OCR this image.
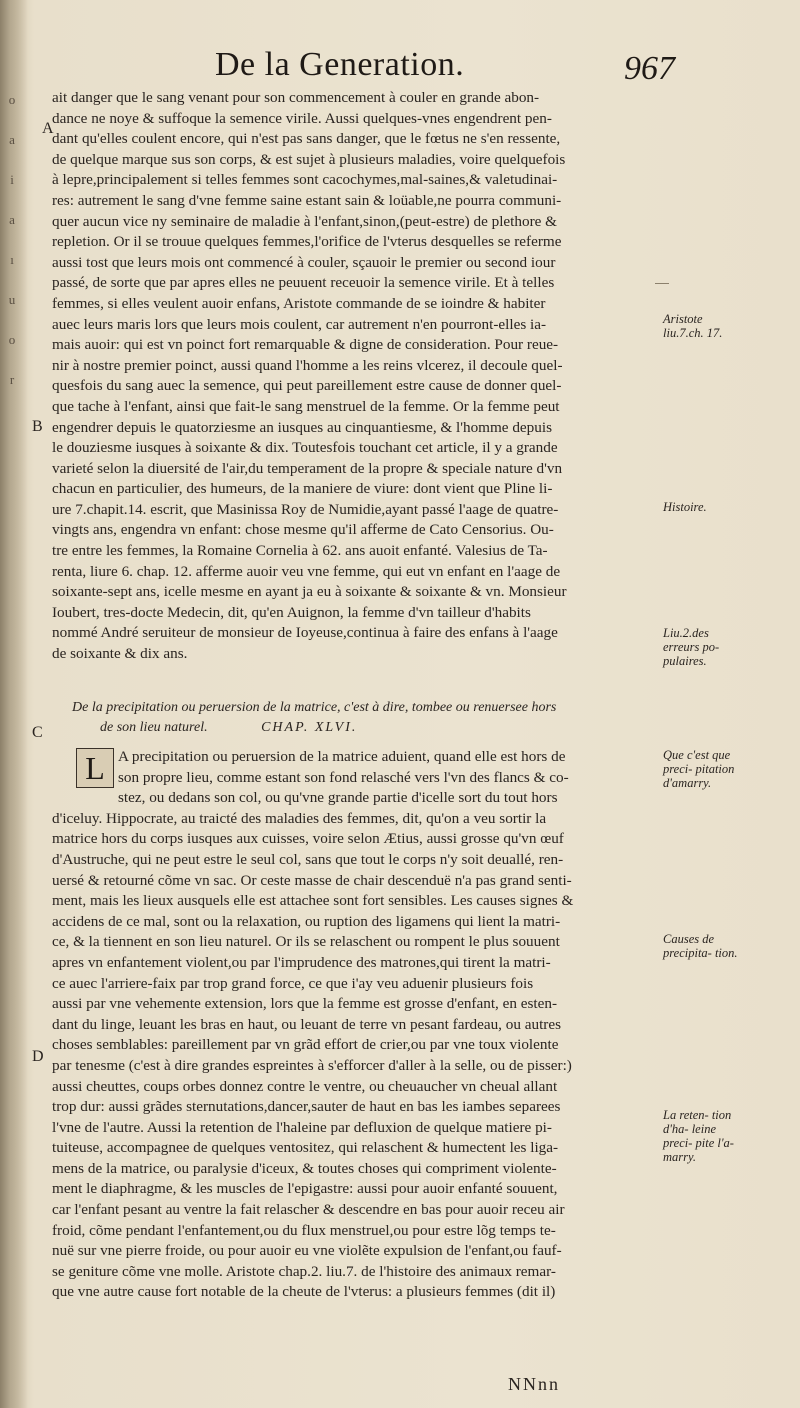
o
a
i
a
ı
u
o
r
De la Generation.	967
A
B
C
D
ait danger que le sang venant pour son commencement à couler en grande abon-
dance ne noye & suffoque la semence virile. Aussi quelques-vnes engendrent pen-
dant qu'elles coulent encore, qui n'est pas sans danger, que le fœtus ne s'en ressente,
de quelque marque sus son corps, & est sujet à plusieurs maladies, voire quelquefois
à lepre,principalement si telles femmes sont cacochymes,mal-saines,& valetudinai-
res: autrement le sang d'vne femme saine estant sain & loüable,ne pourra communi-
quer aucun vice ny seminaire de maladie à l'enfant,sinon,(peut-estre) de plethore &
repletion. Or il se trouue quelques femmes,l'orifice de l'vterus desquelles se referme
aussi tost que leurs mois ont commencé à couler, sçauoir le premier ou second iour
passé, de sorte que par apres elles ne peuuent receuoir la semence virile. Et à telles
femmes, si elles veulent auoir enfans, Aristote commande de se ioindre & habiter
auec leurs maris lors que leurs mois coulent, car autrement n'en pourront-elles ia-
mais auoir: qui est vn poinct fort remarquable & digne de consideration. Pour reue-
nir à nostre premier poinct, aussi quand l'homme a les reins vlcerez, il decoule quel-
quesfois du sang auec la semence, qui peut pareillement estre cause de donner quel-
que tache à l'enfant, ainsi que fait-le sang menstruel de la femme. Or la femme peut
engendrer depuis le quatorziesme an iusques au cinquantiesme, & l'homme depuis
le douziesme iusques à soixante & dix. Toutesfois touchant cet article, il y a grande
varieté selon la diuersité de l'air,du temperament de la propre & speciale nature d'vn
chacun en particulier, des humeurs, de la maniere de viure: dont vient que Pline li-
ure 7.chapit.14. escrit, que Masinissa Roy de Numidie,ayant passé l'aage de quatre-
vingts ans, engendra vn enfant: chose mesme qu'il afferme de Cato Censorius. Ou-
tre entre les femmes, la Romaine Cornelia à 62. ans auoit enfanté. Valesius de Ta-
renta, liure 6. chap. 12. afferme auoir veu vne femme, qui eut vn enfant en l'aage de
soixante-sept ans, icelle mesme en ayant ja eu à soixante & soixante & vn. Monsieur
Ioubert, tres-docte Medecin, dit, qu'en Auignon, la femme d'vn tailleur d'habits
nommé André seruiteur de monsieur de Ioyeuse,continua à faire des enfans à l'aage
de soixante & dix ans.
De la precipitation ou peruersion de la matrice, c'est à dire, tombee ou renuersee hors
de son lieu naturel.	CHAP. XLVI.
L A precipitation ou peruersion de la matrice aduient, quand elle est hors de
son propre lieu, comme estant son fond relasché vers l'vn des flancs & co-
stez, ou dedans son col, ou qu'vne grande partie d'icelle sort du tout hors
d'iceluy. Hippocrate, au traicté des maladies des femmes, dit, qu'on a veu sortir la
matrice hors du corps iusques aux cuisses, voire selon Ætius, aussi grosse qu'vn œuf
d'Austruche, qui ne peut estre le seul col, sans que tout le corps n'y soit deuallé, ren-
uersé & retourné cõme vn sac. Or ceste masse de chair descenduë n'a pas grand senti-
ment, mais les lieux ausquels elle est attachee sont fort sensibles. Les causes signes &
accidens de ce mal, sont ou la relaxation, ou ruption des ligamens qui lient la matri-
ce, & la tiennent en son lieu naturel. Or ils se relaschent ou rompent le plus souuent
apres vn enfantement violent,ou par l'imprudence des matrones,qui tirent la matri-
ce auec l'arriere-faix par trop grand force, ce que i'ay veu aduenir plusieurs fois
aussi par vne vehemente extension, lors que la femme est grosse d'enfant, en esten-
dant du linge, leuant les bras en haut, ou leuant de terre vn pesant fardeau, ou autres
choses semblables: pareillement par vn grãd effort de crier,ou par vne toux violente
par tenesme (c'est à dire grandes espreintes à s'efforcer d'aller à la selle, ou de pisser:)
aussi cheuttes, coups orbes donnez contre le ventre, ou cheuaucher vn cheual allant
trop dur: aussi grãdes sternutations,dancer,sauter de haut en bas les iambes separees
l'vne de l'autre. Aussi la retention de l'haleine par defluxion de quelque matiere pi-
tuiteuse, accompagnee de quelques ventositez, qui relaschent & humectent les liga-
mens de la matrice, ou paralysie d'iceux, & toutes choses qui compriment violente-
ment le diaphragme, & les muscles de l'epigastre: aussi pour auoir enfanté souuent,
car l'enfant pesant au ventre la fait relascher & descendre en bas pour auoir receu air
froid, cõme pendant l'enfantement,ou du flux menstruel,ou pour estre lõg temps te-
nuë sur vne pierre froide, ou pour auoir eu vne violẽte expulsion de l'enfant,ou fauf-
se geniture cõme vne molle. Aristote chap.2. liu.7. de l'histoire des animaux remar-
que vne autre cause fort notable de la cheute de l'vterus: a plusieurs femmes (dit il)
Aristote liu.7.ch. 17.
Histoire.
Liu.2.des erreurs po- pulaires.
Que c'est que preci- pitation d'amarry.
Causes de precipita- tion.
La reten- tion d'ha- leine preci- pite l'a- marry.
NNnn
